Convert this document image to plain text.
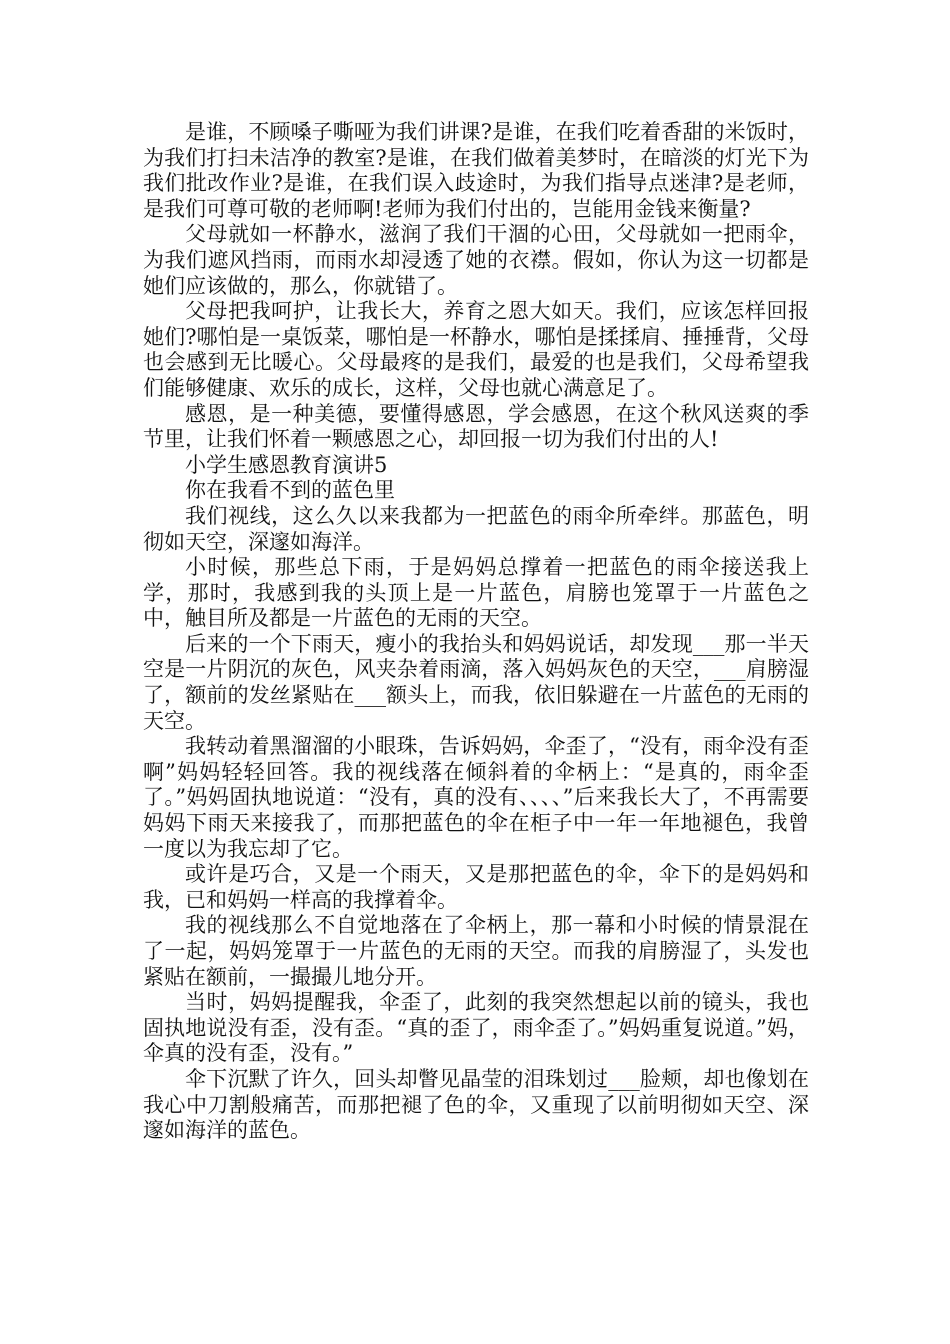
是谁，不顾嗓子嘶哑为我们讲课?是谁，在我们吃着香甜的米饭时，为我们打扫未洁净的教室?是谁，在我们做着美梦时，在暗淡的灯光下为我们批改作业?是谁，在我们误入歧途时，为我们指导点迷津?是老师，是我们可尊可敬的老师啊!老师为我们付出的，岂能用金钱来衡量?

父母就如一杯静水，滋润了我们干涸的心田，父母就如一把雨伞，为我们遮风挡雨，而雨水却浸透了她的衣襟。假如，你认为这一切都是她们应该做的，那么，你就错了。

父母把我呵护，让我长大，养育之恩大如天。我们，应该怎样回报她们?哪怕是一桌饭菜，哪怕是一杯静水，哪怕是揉揉肩、捶捶背，父母也会感到无比暖心。父母最疼的是我们，最爱的也是我们，父母希望我们能够健康、欢乐的成长，这样，父母也就心满意足了。

感恩，是一种美德，要懂得感恩，学会感恩，在这个秋风送爽的季节里，让我们怀着一颗感恩之心，却回报一切为我们付出的人!

小学生感恩教育演讲5

你在我看不到的蓝色里

我们视线，这么久以来我都为一把蓝色的雨伞所牵绊。那蓝色，明彻如天空，深邃如海洋。

小时候，那些总下雨，于是妈妈总撑着一把蓝色的雨伞接送我上学，那时，我感到我的头顶上是一片蓝色，肩膀也笼罩于一片蓝色之中，触目所及都是一片蓝色的无雨的天空。

后来的一个下雨天，瘦小的我抬头和妈妈说话，却发现___那一半天空是一片阴沉的灰色，风夹杂着雨滴，落入妈妈灰色的天空，___肩膀湿了，额前的发丝紧贴在___额头上，而我，依旧躲避在一片蓝色的无雨的天空。

我转动着黑溜溜的小眼珠，告诉妈妈，伞歪了，“没有，雨伞没有歪啊”妈妈轻轻回答。我的视线落在倾斜着的伞柄上：“是真的，雨伞歪了。”妈妈固执地说道：“没有，真的没有、、、、”后来我长大了，不再需要妈妈下雨天来接我了，而那把蓝色的伞在柜子中一年一年地褪色，我曾一度以为我忘却了它。

或许是巧合，又是一个雨天，又是那把蓝色的伞，伞下的是妈妈和我，已和妈妈一样高的我撑着伞。

我的视线那么不自觉地落在了伞柄上，那一幕和小时候的情景混在了一起，妈妈笼罩于一片蓝色的无雨的天空。而我的肩膀湿了，头发也紧贴在额前，一撮撮儿地分开。

当时，妈妈提醒我，伞歪了，此刻的我突然想起以前的镜头，我也固执地说没有歪，没有歪。“真的歪了，雨伞歪了。”妈妈重复说道。”妈，伞真的没有歪，没有。”

伞下沉默了许久，回头却瞥见晶莹的泪珠划过___脸颊，却也像划在我心中刀割般痛苦，而那把褪了色的伞，又重现了以前明彻如天空、深邃如海洋的蓝色。
